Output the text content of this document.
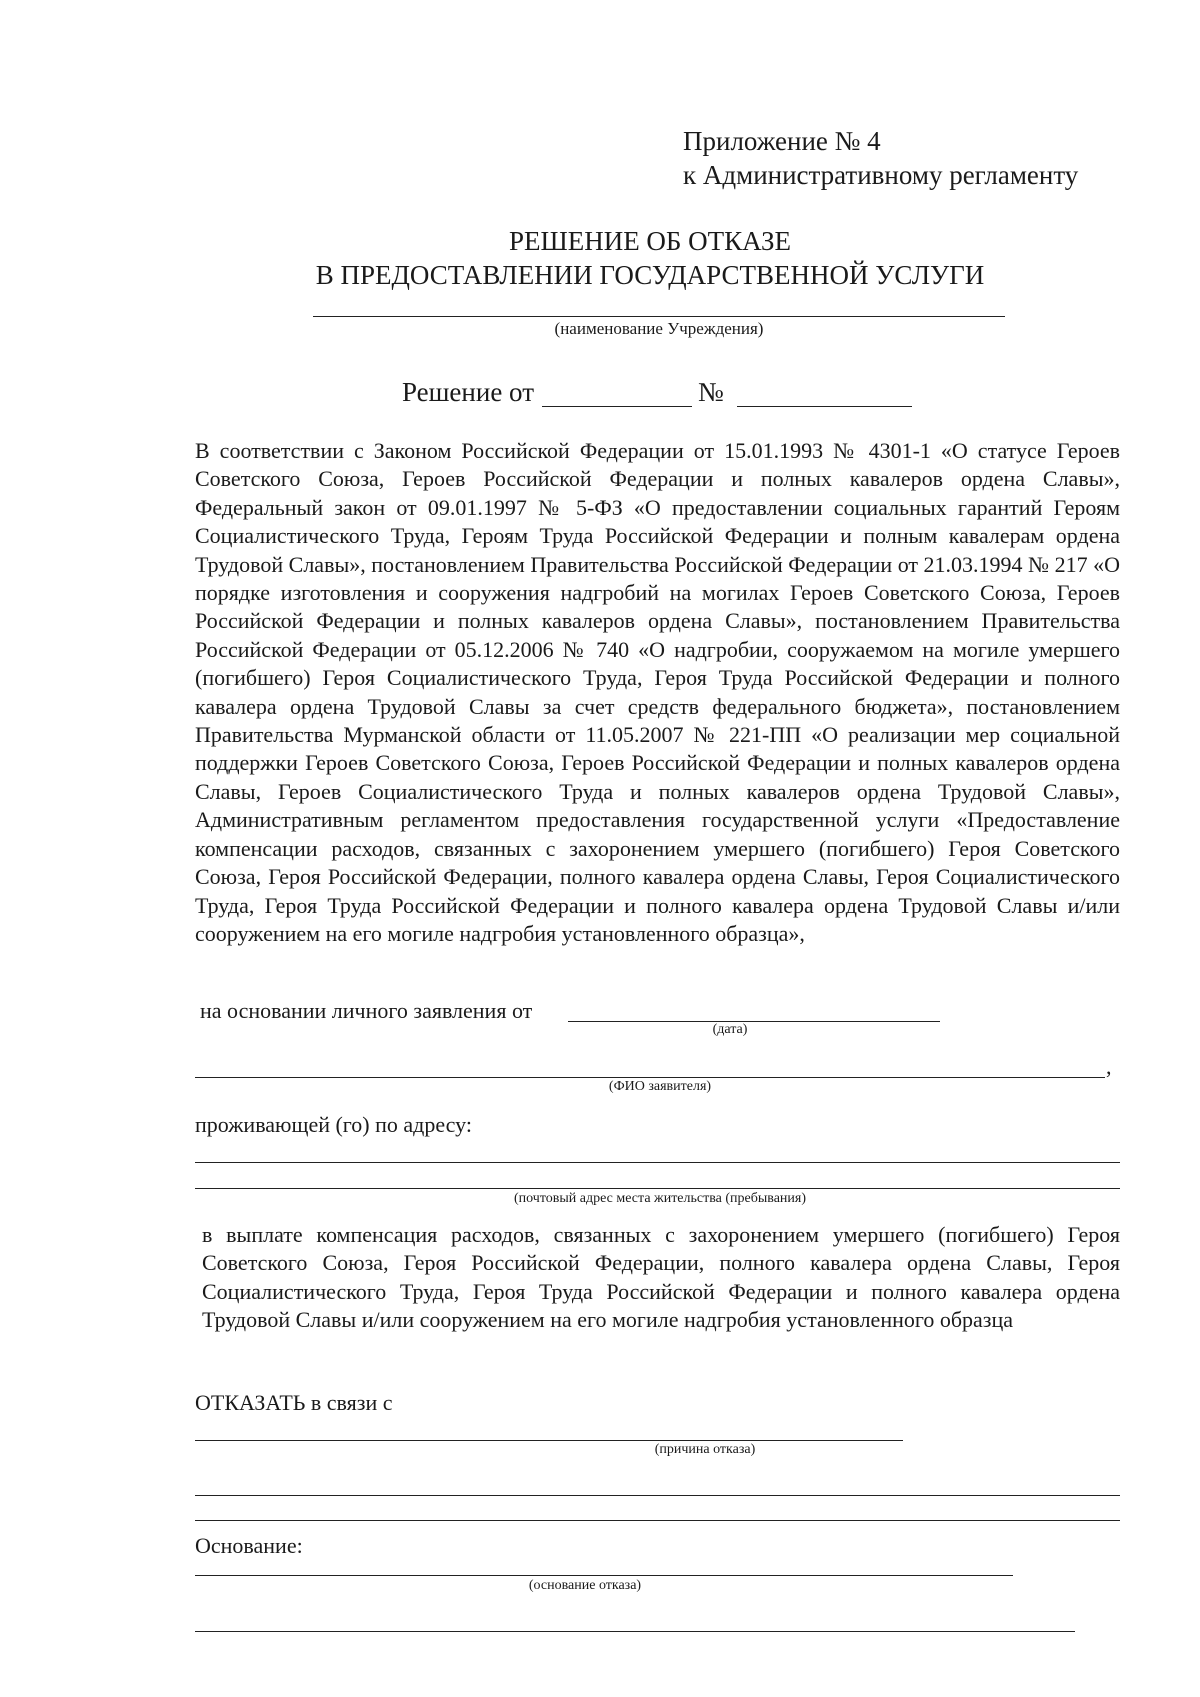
Приложение № 4
к Административному регламенту
РЕШЕНИЕ ОБ ОТКАЗЕ
В ПРЕДОСТАВЛЕНИИ ГОСУДАРСТВЕННОЙ УСЛУГИ
(наименование Учреждения)
Решение от	№
В соответствии с Законом Российской Федерации от 15.01.1993 № 4301-1 «О статусе Героев Советского Союза, Героев Российской Федерации и полных кавалеров ордена Славы», Федеральный закон от 09.01.1997 № 5-ФЗ «О предоставлении социальных гарантий Героям Социалистического Труда, Героям Труда Российской Федерации и полным кавалерам ордена Трудовой Славы», постановлением Правительства Российской Федерации от 21.03.1994 № 217 «О порядке изготовления и сооружения надгробий на могилах Героев Советского Союза, Героев Российской Федерации и полных кавалеров ордена Славы», постановлением Правительства Российской Федерации от 05.12.2006 № 740 «О надгробии, сооружаемом на могиле умершего (погибшего) Героя Социалистического Труда, Героя Труда Российской Федерации и полного кавалера ордена Трудовой Славы за счет средств федерального бюджета», постановлением Правительства Мурманской области от 11.05.2007 № 221-ПП «О реализации мер социальной поддержки Героев Советского Союза, Героев Российской Федерации и полных кавалеров ордена Славы, Героев Социалистического Труда и полных кавалеров ордена Трудовой Славы», Административным регламентом предоставления государственной услуги «Предоставление компенсации расходов, связанных с захоронением умершего (погибшего) Героя Советского Союза, Героя Российской Федерации, полного кавалера ордена Славы, Героя Социалистического Труда, Героя Труда Российской Федерации и полного кавалера ордена Трудовой Славы и/или сооружением на его могиле надгробия установленного образца»,
на основании личного заявления от
(дата)
,
(ФИО заявителя)
проживающей (го) по адресу:
(почтовый адрес места жительства (пребывания)
в выплате компенсация расходов, связанных с захоронением умершего (погибшего) Героя Советского Союза, Героя Российской Федерации, полного кавалера ордена Славы, Героя Социалистического Труда, Героя Труда Российской Федерации и полного кавалера ордена Трудовой Славы и/или сооружением на его могиле надгробия установленного образца
ОТКАЗАТЬ в связи с
(причина отказа)
Основание:
(основание отказа)
